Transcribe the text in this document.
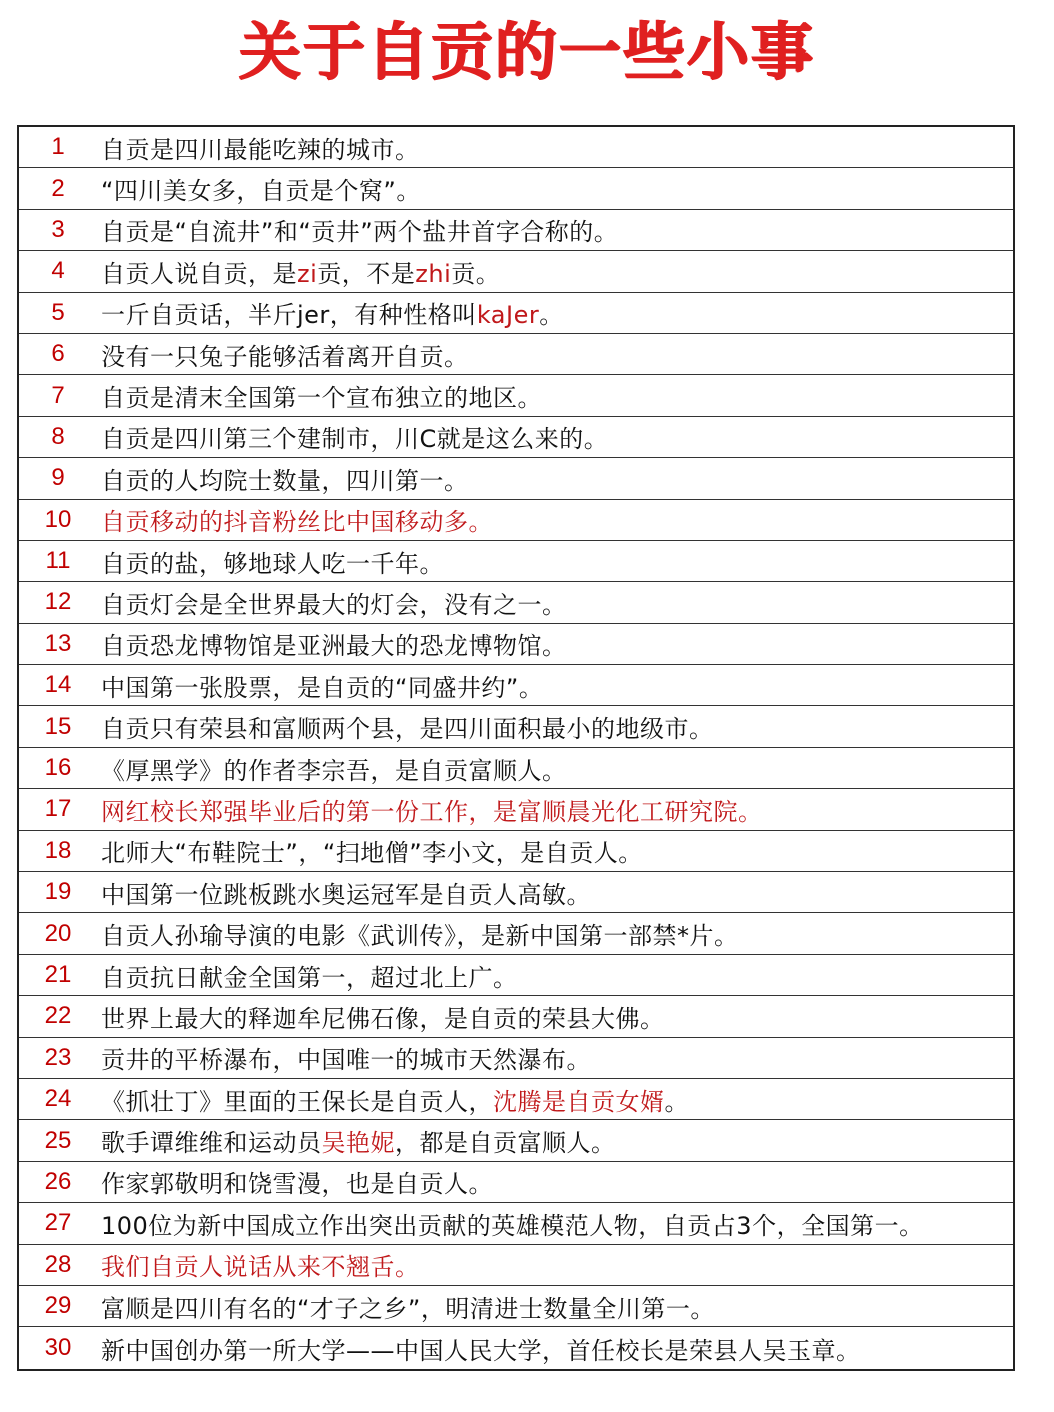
关于自贡的一些小事
1	自贡是四川最能吃辣的城市。
2	“四川美女多，自贡是个窝”。
3	自贡是“自流井”和“贡井”两个盐井首字合称的。
4	自贡人说自贡，是zi贡，不是zhi贡。
5	一斤自贡话，半斤jer，有种性格叫kaJer。
6	没有一只兔子能够活着离开自贡。
7	自贡是清末全国第一个宣布独立的地区。
8	自贡是四川第三个建制市，川C就是这么来的。
9	自贡的人均院士数量，四川第一。
10	自贡移动的抖音粉丝比中国移动多。
11	自贡的盐，够地球人吃一千年。
12	自贡灯会是全世界最大的灯会，没有之一。
13	自贡恐龙博物馆是亚洲最大的恐龙博物馆。
14	中国第一张股票，是自贡的“同盛井约”。
15	自贡只有荣县和富顺两个县，是四川面积最小的地级市。
16	《厚黑学》的作者李宗吾，是自贡富顺人。
17	网红校长郑强毕业后的第一份工作，是富顺晨光化工研究院。
18	北师大“布鞋院士”，“扫地僧”李小文，是自贡人。
19	中国第一位跳板跳水奥运冠军是自贡人高敏。
20	自贡人孙瑜导演的电影《武训传》，是新中国第一部禁*片。
21	自贡抗日献金全国第一，超过北上广。
22	世界上最大的释迦牟尼佛石像，是自贡的荣县大佛。
23	贡井的平桥瀑布，中国唯一的城市天然瀑布。
24	《抓壮丁》里面的王保长是自贡人，沈腾是自贡女婿。
25	歌手谭维维和运动员吴艳妮，都是自贡富顺人。
26	作家郭敬明和饶雪漫，也是自贡人。
27	100位为新中国成立作出突出贡献的英雄模范人物，自贡占3个，全国第一。
28	我们自贡人说话从来不翘舌。
29	富顺是四川有名的“才子之乡”，明清进士数量全川第一。
30	新中国创办第一所大学——中国人民大学，首任校长是荣县人吴玉章。
